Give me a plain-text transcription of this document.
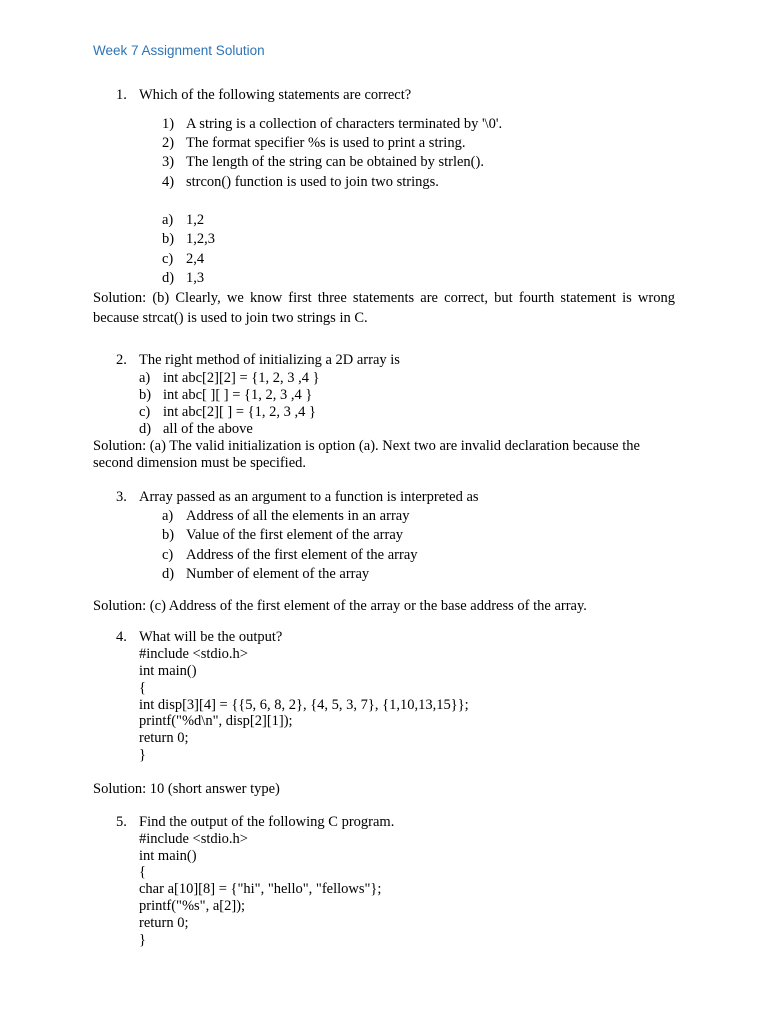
Week 7 Assignment Solution
1. Which of the following statements are correct?
1) A string is a collection of characters terminated by '\0'.
2) The format specifier %s is used to print a string.
3) The length of the string can be obtained by strlen().
4) strcon() function is used to join two strings.
a) 1,2
b) 1,2,3
c) 2,4
d) 1,3
Solution: (b) Clearly, we know first three statements are correct, but fourth statement is wrong because strcat() is used to join two strings in C.
2. The right method of initializing a 2D array is
a) int abc[2][2] = {1, 2, 3 ,4 }
b) int abc[ ][ ] = {1, 2, 3 ,4 }
c) int abc[2][ ] = {1, 2, 3 ,4 }
d) all of the above
Solution: (a) The valid initialization is option (a). Next two are invalid declaration because the second dimension must be specified.
3. Array passed as an argument to a function is interpreted as
a) Address of all the elements in an array
b) Value of the first element of the array
c) Address of the first element of the array
d) Number of element of the array
Solution: (c) Address of the first element of the array or the base address of the array.
4. What will be the output?
#include <stdio.h>
int main()
{
int disp[3][4] = {{5, 6, 8, 2}, {4, 5, 3, 7}, {1,10,13,15}};
printf("%d\n", disp[2][1]);
return 0;
}
Solution: 10 (short answer type)
5. Find the output of the following C program.
#include <stdio.h>
int main()
{
char a[10][8] = {"hi", "hello", "fellows"};
printf("%s", a[2]);
return 0;
}
